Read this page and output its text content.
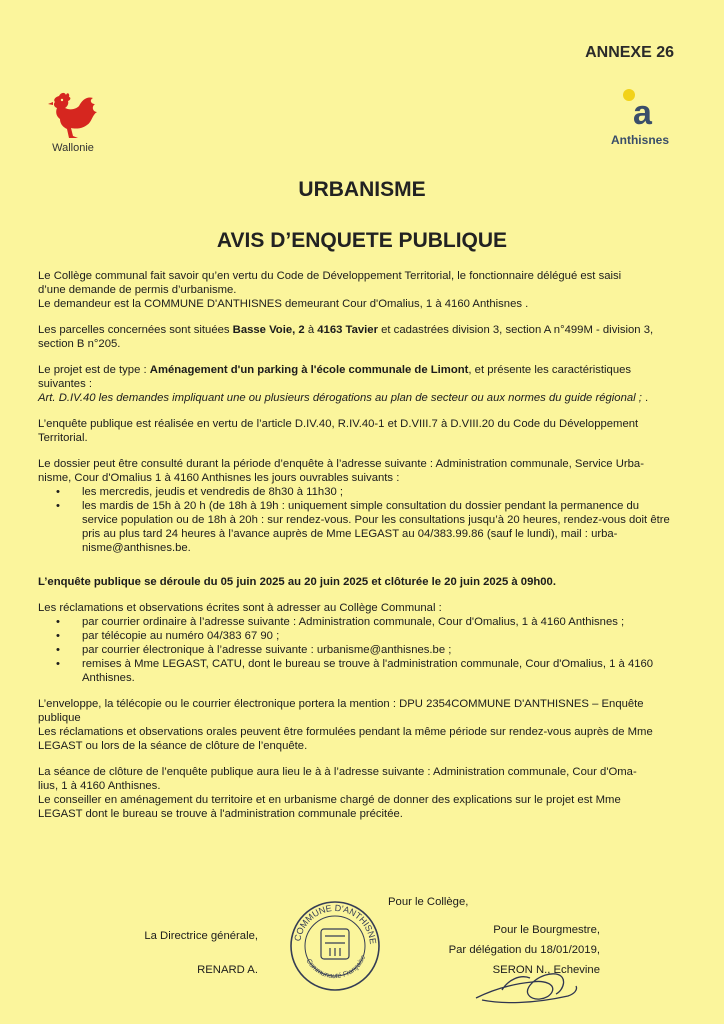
ANNEXE 26
Wallonie
a
Anthisnes
URBANISME
AVIS D’ENQUETE PUBLIQUE

Le Collège communal fait savoir qu’en vertu du Code de Développement Territorial, le fonctionnaire délégué est saisi
d’une demande de permis d’urbanisme.
Le demandeur est la COMMUNE D'ANTHISNES demeurant Cour d'Omalius, 1 à 4160 Anthisnes .

Les parcelles concernées sont situées Basse Voie, 2 à 4163 Tavier et cadastrées division 3, section A n°499M - division 3,
section B n°205.

Le projet est de type : Aménagement d'un parking à l'école communale de Limont, et présente les caractéristiques
suivantes :
Art. D.IV.40 les demandes impliquant une ou plusieurs dérogations au plan de secteur ou aux normes du guide régional ; .

L’enquête publique est réalisée en vertu de l’article D.IV.40, R.IV.40-1 et D.VIII.7 à D.VIII.20 du Code du Développement
Territorial.

Le dossier peut être consulté durant la période d’enquête à l’adresse suivante : Administration communale, Service Urba-
nisme, Cour d'Omalius 1 à 4160 Anthisnes les jours ouvrables suivants :

• les mercredis, jeudis et vendredis de 8h30 à 11h30 ;
• les mardis de 15h à 20 h (de 18h à 19h : uniquement simple consultation du dossier pendant la permanence du service population ou de 18h à 20h : sur rendez-vous. Pour les consultations jusqu’à 20 heures, rendez-vous doit être pris au plus tard 24 heures à l’avance auprès de Mme LEGAST au 04/383.99.86 (sauf le lundi), mail : urba-nisme@anthisnes.be.

L’enquête publique se déroule du 05 juin 2025 au 20 juin 2025 et clôturée le 20 juin 2025 à 09h00.

Les réclamations et observations écrites sont à adresser au Collège Communal :

• par courrier ordinaire à l’adresse suivante : Administration communale, Cour d'Omalius, 1 à 4160 Anthisnes ;
• par télécopie au numéro 04/383 67 90 ;
• par courrier électronique à l’adresse suivante : urbanisme@anthisnes.be ;
• remises à Mme LEGAST, CATU, dont le bureau se trouve à l'administration communale, Cour d'Omalius, 1 à 4160 Anthisnes.

L’enveloppe, la télécopie ou le courrier électronique portera la mention : DPU 2354COMMUNE D'ANTHISNES – Enquête
publique
Les réclamations et observations orales peuvent être formulées pendant la même période sur rendez-vous auprès de Mme
LEGAST ou lors de la séance de clôture de l’enquête.

La séance de clôture de l’enquête publique aura lieu le à à l’adresse suivante : Administration communale, Cour d'Oma-
lius, 1 à 4160 Anthisnes.
Le conseiller en aménagement du territoire et en urbanisme chargé de donner des explications sur le projet est Mme
LEGAST dont le bureau se trouve à l'administration communale précitée.

Pour le Collège,
La Directrice générale,

RENARD A.
COMMUNE D'ANTHISNE
Communauté Française
Pour le Bourgmestre,
Par délégation du 18/01/2019,
SERON N., Echevine
